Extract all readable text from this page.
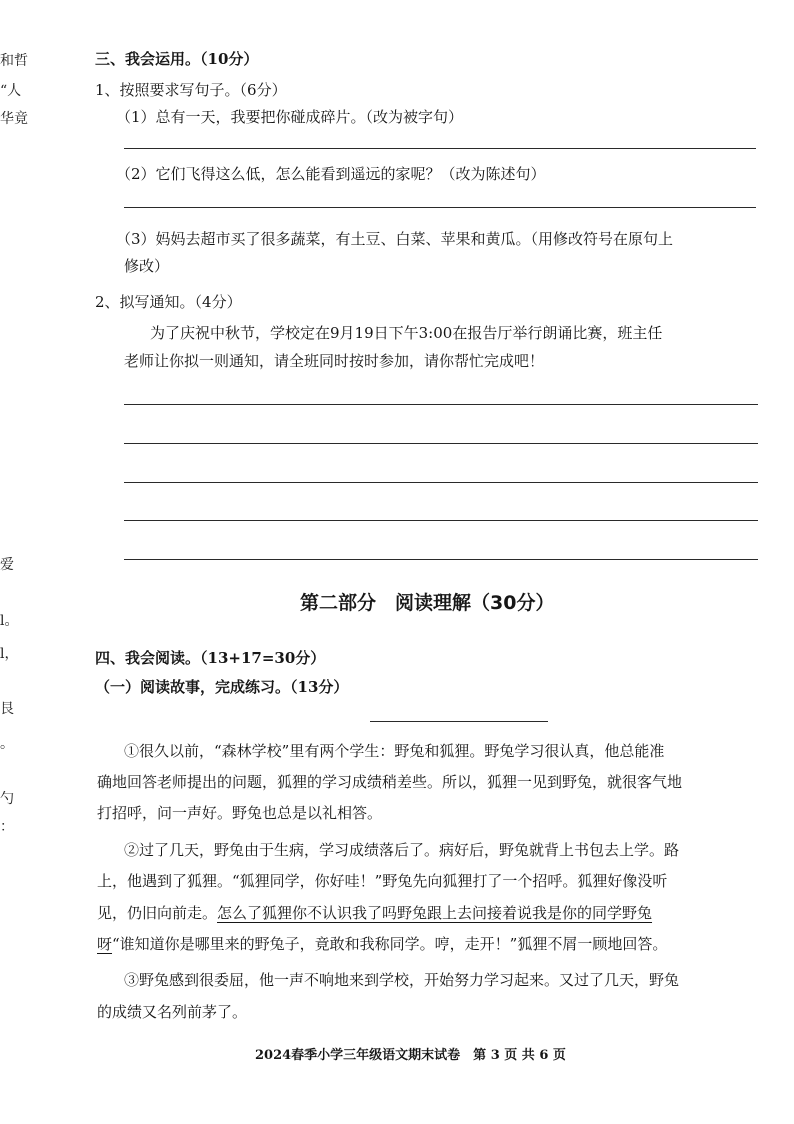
和哲
“人
华竟
爱
l。
l，
艮
。
勺
：
三、我会运用。（10分）
1、按照要求写句子。（6分）
（1）总有一天，我要把你碰成碎片。（改为被字句）
（2）它们飞得这么低，怎么能看到遥远的家呢？（改为陈述句）
（3）妈妈去超市买了很多蔬菜，有土豆、白菜、苹果和黄瓜。（用修改符号在原句上
修改）
2、拟写通知。（4分）
为了庆祝中秋节，学校定在9月19日下午3:00在报告厅举行朗诵比赛，班主任
老师让你拟一则通知，请全班同时按时参加，请你帮忙完成吧！
第二部分　阅读理解（30分）
四、我会阅读。（13+17=30分）
（一）阅读故事，完成练习。（13分）
①很久以前，“森林学校”里有两个学生：野兔和狐狸。野兔学习很认真，他总能准
确地回答老师提出的问题，狐狸的学习成绩稍差些。所以，狐狸一见到野兔，就很客气地
打招呼，问一声好。野兔也总是以礼相答。
②过了几天，野兔由于生病，学习成绩落后了。病好后，野兔就背上书包去上学。路
上，他遇到了狐狸。“狐狸同学，你好哇！”野兔先向狐狸打了一个招呼。狐狸好像没听
见，仍旧向前走。怎么了狐狸你不认识我了吗野兔跟上去问接着说我是你的同学野兔
呀“谁知道你是哪里来的野兔子，竟敢和我称同学。哼，走开！”狐狸不屑一顾地回答。
③野兔感到很委屈，他一声不响地来到学校，开始努力学习起来。又过了几天，野兔
的成绩又名列前茅了。
2024春季小学三年级语文期末试卷　第 3 页 共 6 页
